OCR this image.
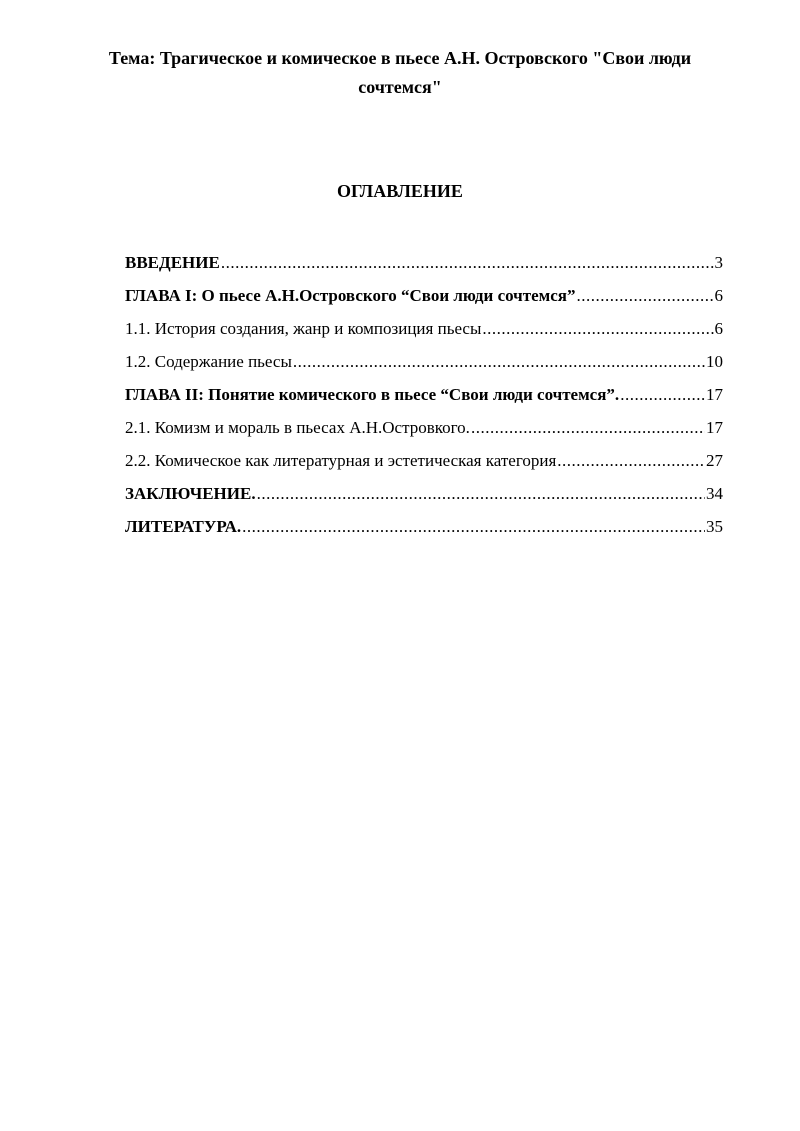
Тема: Трагическое и комическое в пьесе А.Н. Островского "Свои люди сочтемся"
ОГЛАВЛЕНИЕ
ВВЕДЕНИЕ .....	3
ГЛАВА I: О пьесе А.Н.Островского “Свои люди сочтемся” .....	6
1.1. История создания, жанр и композиция пьесы .....	6
1.2. Содержание пьесы .....	10
ГЛАВА II: Понятие комического в пьесе “Свои люди сочтемся”. .....	17
2.1. Комизм и мораль в пьесах А.Н.Островкого. .....	17
2.2. Комическое как литературная и эстетическая категория .....	27
ЗАКЛЮЧЕНИЕ. .....	34
ЛИТЕРАТУРА. .....	35
